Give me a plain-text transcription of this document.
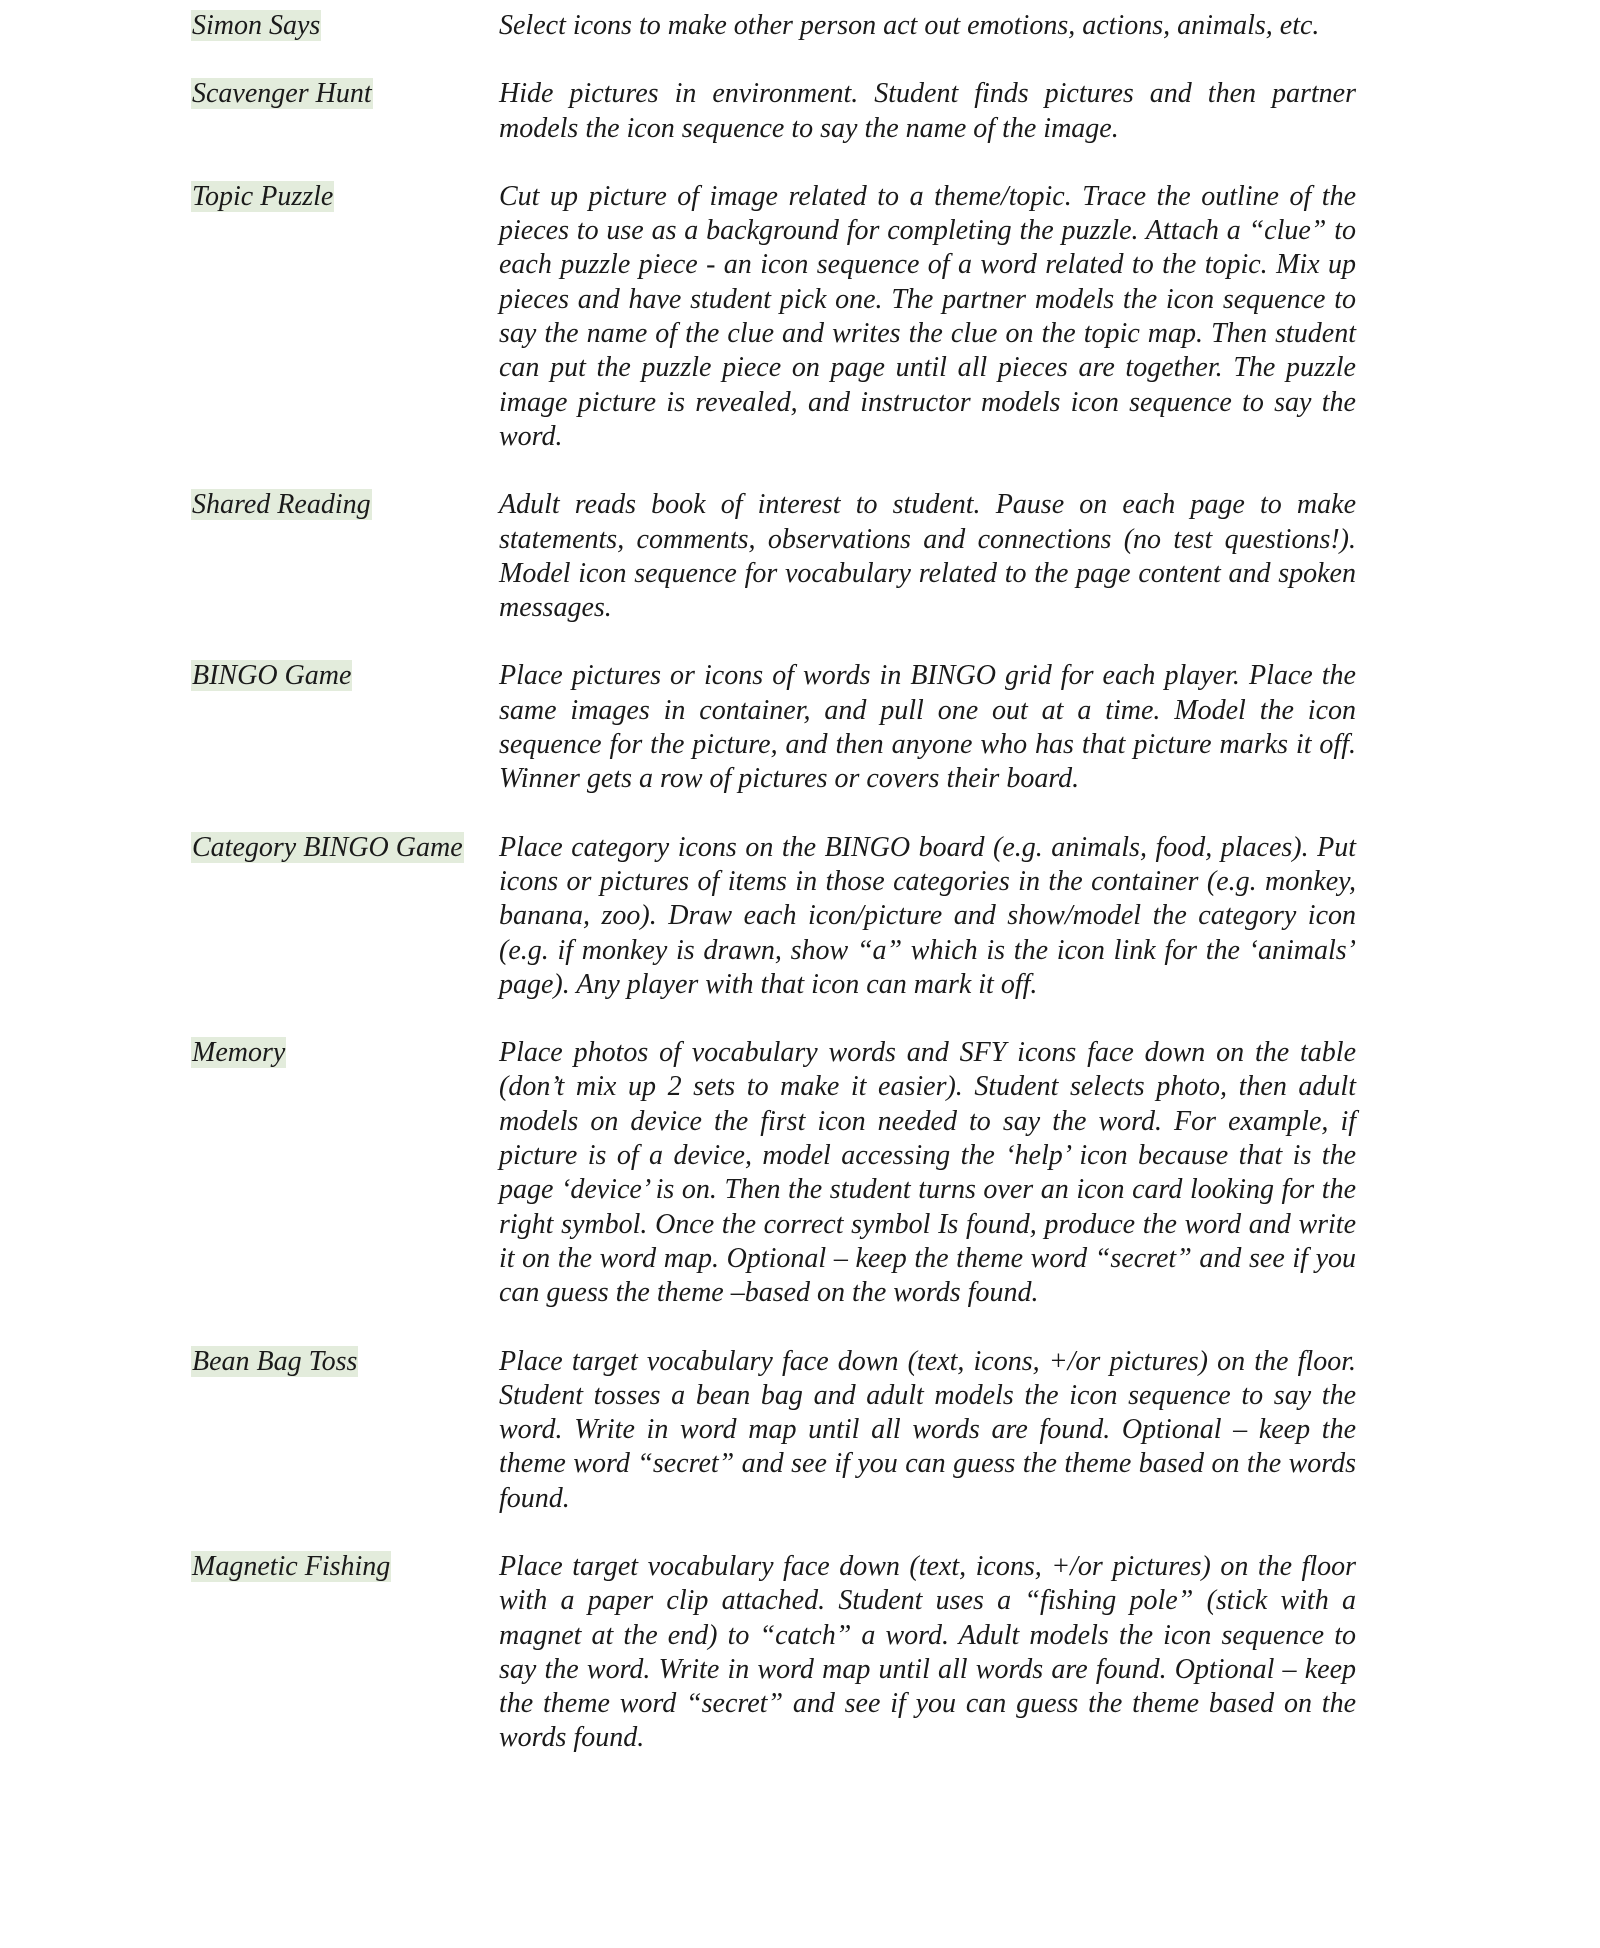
Simon Says	Select icons to make other person act out emotions, actions, animals, etc.
Scavenger Hunt	Hide pictures in environment. Student finds pictures and then partner models the icon sequence to say the name of the image.
Topic Puzzle	Cut up picture of image related to a theme/topic. Trace the outline of the pieces to use as a background for completing the puzzle. Attach a “clue” to each puzzle piece - an icon sequence of a word related to the topic. Mix up pieces and have student pick one. The partner models the icon sequence to say the name of the clue and writes the clue on the topic map. Then student can put the puzzle piece on page until all pieces are together. The puzzle image picture is revealed, and instructor models icon sequence to say the word.
Shared Reading	Adult reads book of interest to student. Pause on each page to make statements, comments, observations and connections (no test questions!). Model icon sequence for vocabulary related to the page content and spoken messages.
BINGO Game	Place pictures or icons of words in BINGO grid for each player. Place the same images in container, and pull one out at a time. Model the icon sequence for the picture, and then anyone who has that picture marks it off. Winner gets a row of pictures or covers their board.
Category BINGO Game	Place category icons on the BINGO board (e.g. animals, food, places). Put icons or pictures of items in those categories in the container (e.g. monkey, banana, zoo). Draw each icon/picture and show/model the category icon (e.g. if monkey is drawn, show “a” which is the icon link for the ‘animals’ page). Any player with that icon can mark it off.
Memory	Place photos of vocabulary words and SFY icons face down on the table (don’t mix up 2 sets to make it easier). Student selects photo, then adult models on device the first icon needed to say the word. For example, if picture is of a device, model accessing the ‘help’ icon because that is the page ‘device’ is on. Then the student turns over an icon card looking for the right symbol. Once the correct symbol Is found, produce the word and write it on the word map. Optional – keep the theme word “secret” and see if you can guess the theme –based on the words found.
Bean Bag Toss	Place target vocabulary face down (text, icons, +/or pictures) on the floor. Student tosses a bean bag and adult models the icon sequence to say the word. Write in word map until all words are found. Optional – keep the theme word “secret” and see if you can guess the theme based on the words found.
Magnetic Fishing	Place target vocabulary face down (text, icons, +/or pictures) on the floor with a paper clip attached. Student uses a “fishing pole” (stick with a magnet at the end) to “catch” a word. Adult models the icon sequence to say the word. Write in word map until all words are found. Optional – keep the theme word “secret” and see if you can guess the theme based on the words found.
